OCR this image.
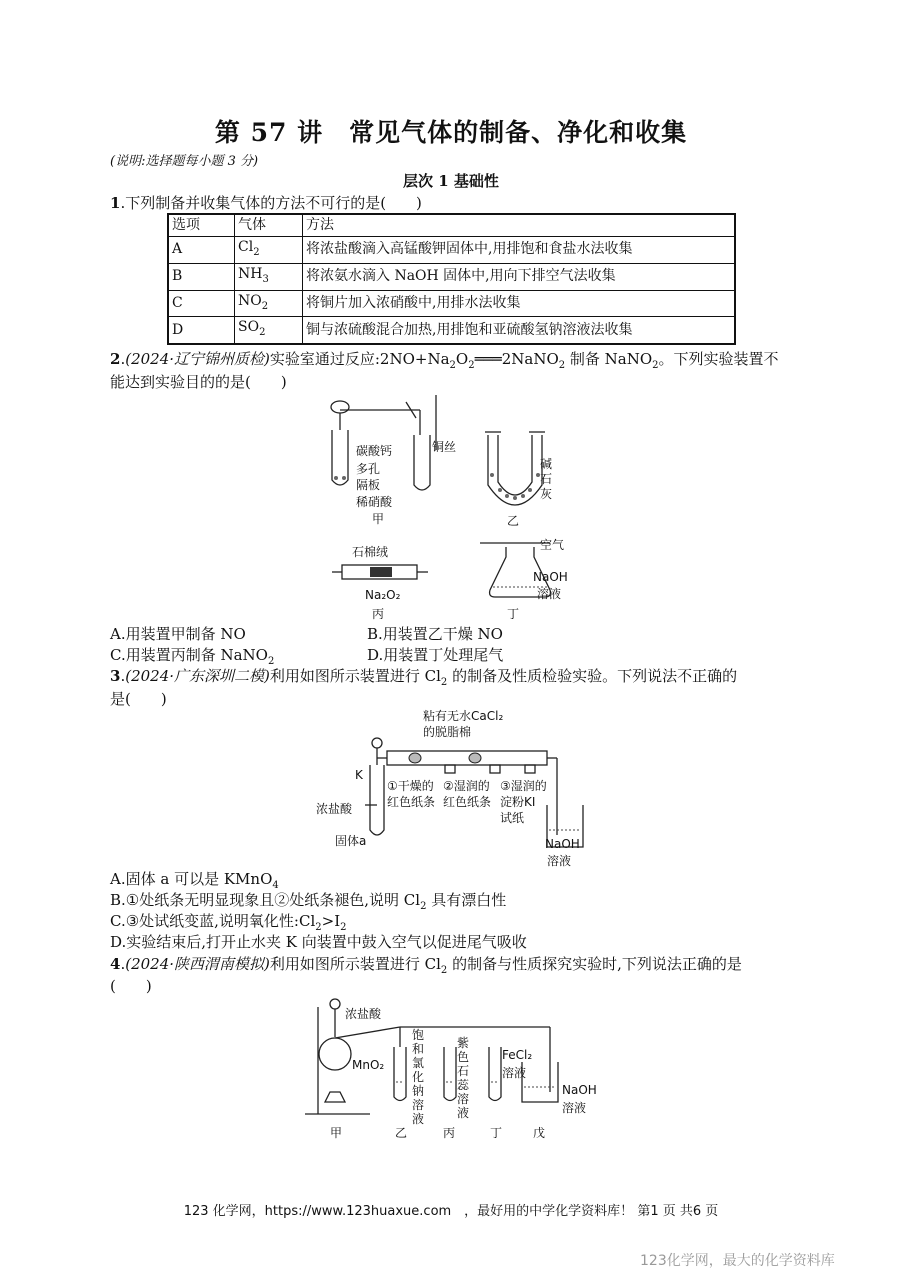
第 57 讲　常见气体的制备、净化和收集
(说明:选择题每小题 3 分)
层次 1 基础性
1.下列制备并收集气体的方法不可行的是(　　)
选项	气体	方法
A	$Cl_2$	将浓盐酸滴入高锰酸钾固体中,用排饱和食盐水法收集
B	$NH_3$	将浓氨水滴入 NaOH 固体中,用向下排空气法收集
C	$NO_2$	将铜片加入浓硝酸中,用排水法收集
D	$SO_2$	铜与浓硫酸混合加热,用排饱和亚硫酸氢钠溶液法收集
2.(2024·辽宁锦州质检)实验室通过反应$:2NO+Na_2O_2═══2NaNO_2$ 制备 NaNO$_2$。下列实验装置不
能达到实验目的的是(　　)
碳酸钙
多孔
隔板
稀硝酸
甲
铜丝
碱
石
灰
乙
石棉绒
Na₂O₂
丙
空气
NaOH
溶液
丁
A.用装置甲制备 NO	B.用装置乙干燥 NO
C.用装置丙制备 NaNO$_2$	D.用装置丁处理尾气
3.(2024·广东深圳二模)利用如图所示装置进行 $Cl_2$ 的制备及性质检验实验。下列说法不正确的
是(　　)
粘有无水CaCl₂
的脱脂棉
K
浓盐酸
固体a
①干燥的
红色纸条
②湿润的
红色纸条
③湿润的
淀粉KI
试纸
NaOH
溶液
A.固体 a 可以是 KMnO$_4$
B.①处纸条无明显现象且②处纸条褪色,说明 $Cl_2$ 具有漂白性
C.③处试纸变蓝,说明氧化性$:Cl_2>I_2$
D.实验结束后,打开止水夹 K 向装置中鼓入空气以促进尾气吸收
4.(2024·陕西渭南模拟)利用如图所示装置进行 $Cl_2$ 的制备与性质探究实验时,下列说法正确的是
(　　)
浓盐酸
MnO₂
饱
和
氯
化
钠
溶
液
紫
色
石
蕊
溶
液
FeCl₂
溶液
NaOH
溶液
甲	乙	丙	丁	戊
123 化学网，https://www.123huaxue.com　，最好用的中学化学资料库！ 第1 页 共6 页
123化学网，最大的化学资料库
